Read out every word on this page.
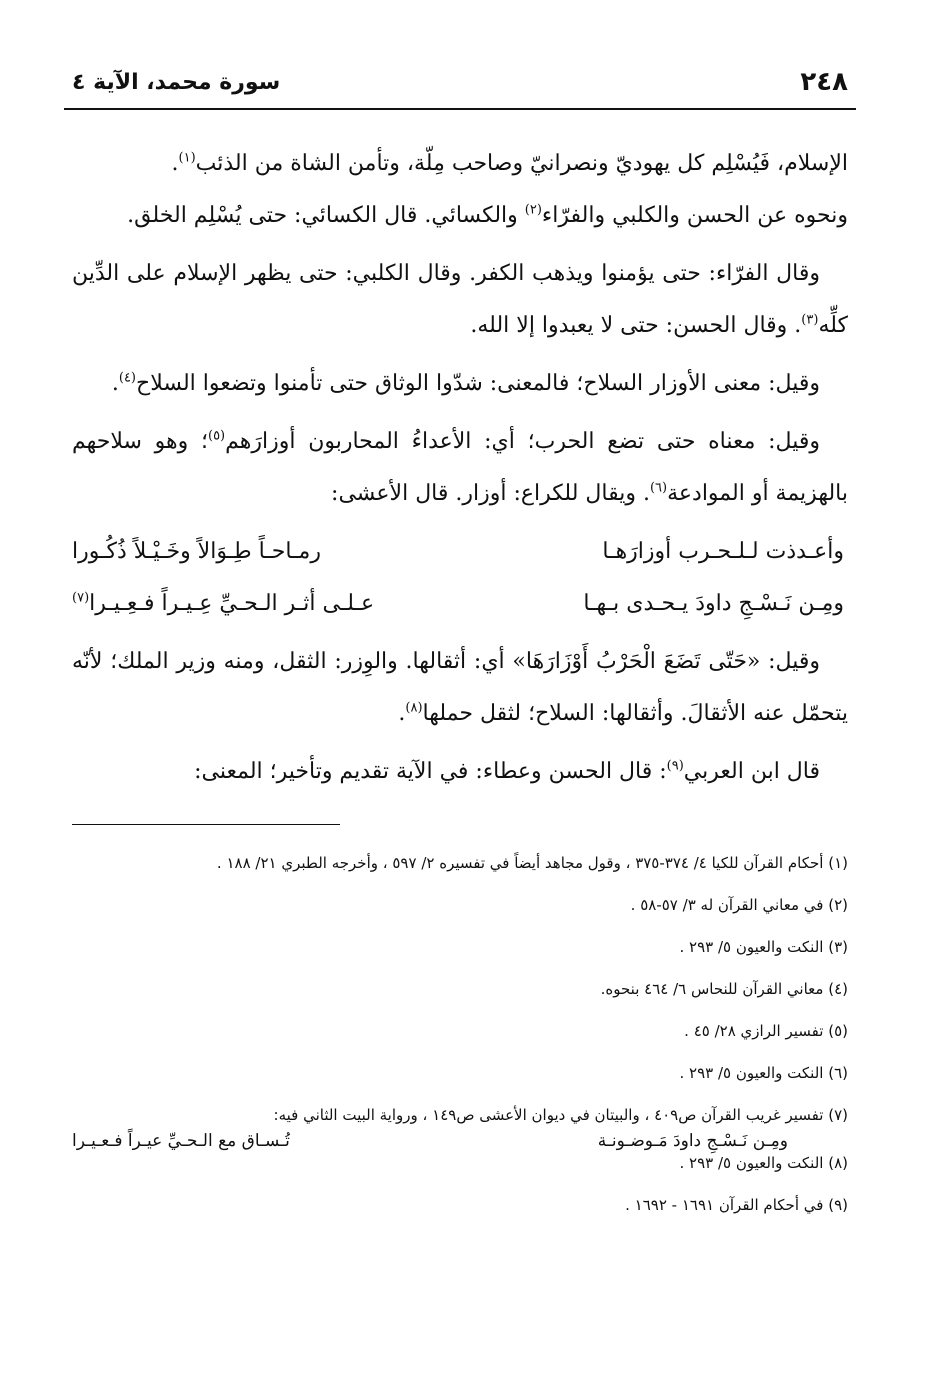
٢٤٨
سورة محمد، الآية ٤

الإسلام، فَيُسْلِم كل يهوديّ ونصرانيّ وصاحب مِلّة، وتأمن الشاة من الذئب$^{(١)}$.
ونحوه عن الحسن والكلبي والفرّاء$^{(٢)}$ والكسائي. قال الكسائي: حتى يُسْلِم الخلق.

وقال الفرّاء: حتى يؤمنوا ويذهب الكفر. وقال الكلبي: حتى يظهر الإسلام على الدِّين كلِّه$^{(٣)}$. وقال الحسن: حتى لا يعبدوا إلا الله.

وقيل: معنى الأوزار السلاح؛ فالمعنى: شدّوا الوثاق حتى تأمنوا وتضعوا السلاح$^{(٤)}$.

وقيل: معناه حتى تضع الحرب؛ أي: الأعداءُ المحاربون أوزارَهم$^{(٥)}$؛ وهو سلاحهم بالهزيمة أو الموادعة$^{(٦)}$. ويقال للكراع: أوزار. قال الأعشى:

وأعـدذت لـلـحـرب أوزارَهـا
رمـاحـاً طِـوَالاً وخَـيْـلاً ذُكُـورا
ومِـن نَـسْـجِ داودَ يـحـدى بـهـا
عـلـى أثـر الـحـيِّ عِـيـراً فـعِـيـرا$^{(٧)}$

وقيل: «حَتّى تَضَعَ الْحَرْبُ أَوْزَارَهَا» أي: أثقالها. والوِزر: الثقل، ومنه وزير الملك؛ لأنّه يتحمّل عنه الأثقالَ. وأثقالها: السلاح؛ لثقل حملها$^{(٨)}$.

قال ابن العربي$^{(٩)}$: قال الحسن وعطاء: في الآية تقديم وتأخير؛ المعنى:

(١) أحكام القرآن للكيا ٤/ ٣٧٤-٣٧٥ ، وقول مجاهد أيضاً في تفسيره ٢/ ٥٩٧ ، وأخرجه الطبري ٢١/ ١٨٨ .
(٢) في معاني القرآن له ٣/ ٥٧-٥٨ .
(٣) النكت والعيون ٥/ ٢٩٣ .
(٤) معاني القرآن للنحاس ٦/ ٤٦٤ بنحوه.
(٥) تفسير الرازي ٢٨/ ٤٥ .
(٦) النكت والعيون ٥/ ٢٩٣ .
(٧) تفسير غريب القرآن ص٤٠٩ ، والبيتان في ديوان الأعشى ص١٤٩ ، ورواية البيت الثاني فيه:
ومِـن نَـسْـجِ داودَ مَـوضـونـة
تُـسـاق مع الـحـيِّ عيـراً فـعـيـرا
(٨) النكت والعيون ٥/ ٢٩٣ .
(٩) في أحكام القرآن ١٦٩١ - ١٦٩٢ .
